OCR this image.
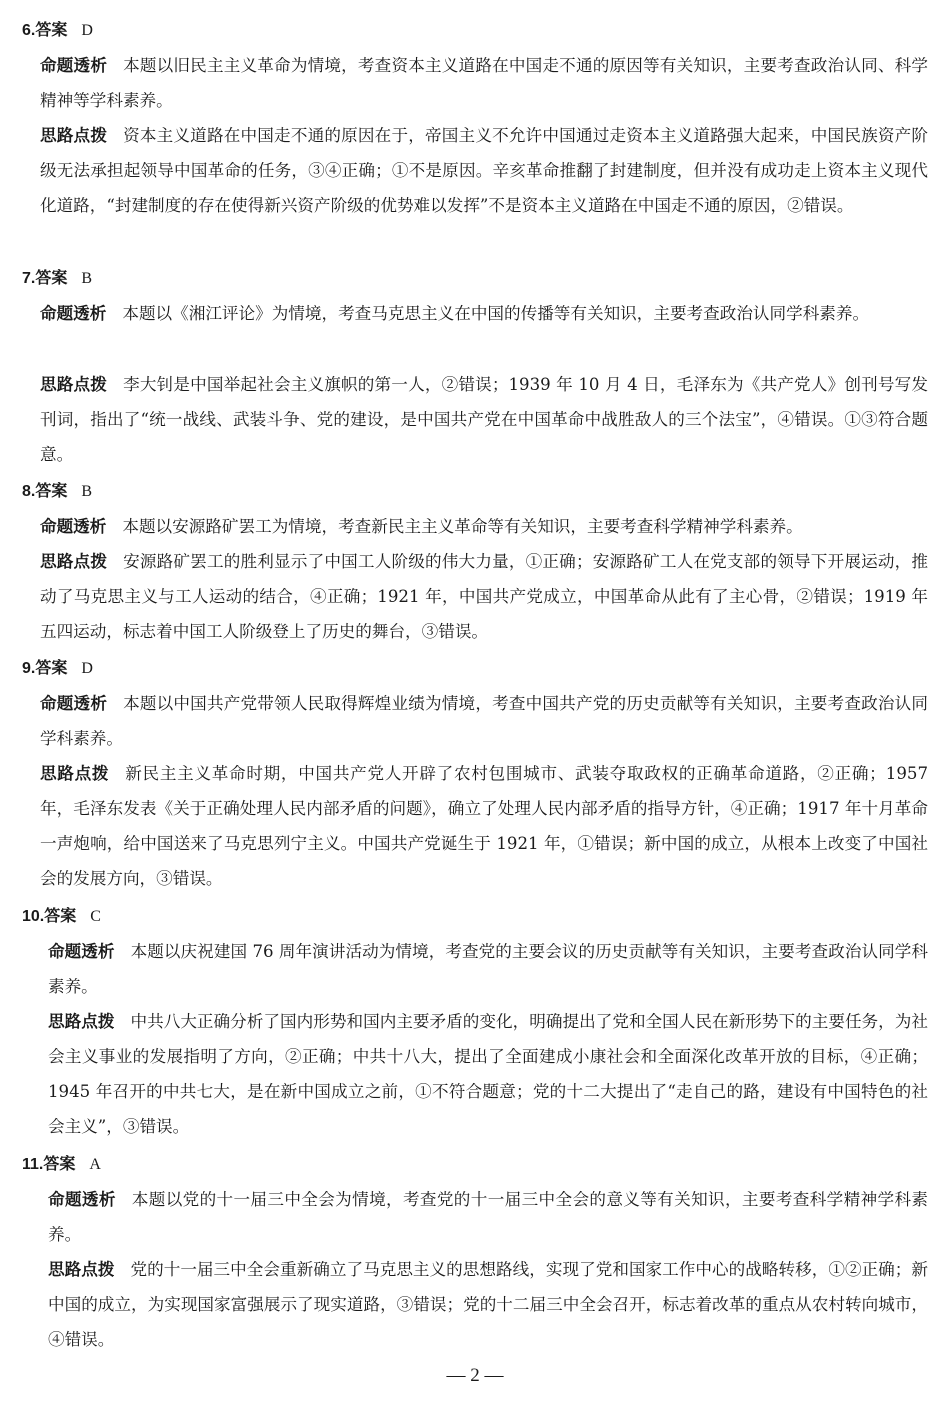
6.答案 D

命题透析 本题以旧民主主义革命为情境，考查资本主义道路在中国走不通的原因等有关知识，主要考查政治认同、科学精神等学科素养。

思路点拨 资本主义道路在中国走不通的原因在于，帝国主义不允许中国通过走资本主义道路强大起来，中国民族资产阶级无法承担起领导中国革命的任务，③④正确；①不是原因。辛亥革命推翻了封建制度，但并没有成功走上资本主义现代化道路，“封建制度的存在使得新兴资产阶级的优势难以发挥”不是资本主义道路在中国走不通的原因，②错误。

7.答案 B

命题透析 本题以《湘江评论》为情境，考查马克思主义在中国的传播等有关知识，主要考查政治认同学科素养。

思路点拨 李大钊是中国举起社会主义旗帜的第一人，②错误；1939 年 10 月 4 日，毛泽东为《共产党人》创刊号写发刊词，指出了“统一战线、武装斗争、党的建设，是中国共产党在中国革命中战胜敌人的三个法宝”，④错误。①③符合题意。

8.答案 B

命题透析 本题以安源路矿罢工为情境，考查新民主主义革命等有关知识，主要考查科学精神学科素养。

思路点拨 安源路矿罢工的胜利显示了中国工人阶级的伟大力量，①正确；安源路矿工人在党支部的领导下开展运动，推动了马克思主义与工人运动的结合，④正确；1921 年，中国共产党成立，中国革命从此有了主心骨，②错误；1919 年五四运动，标志着中国工人阶级登上了历史的舞台，③错误。

9.答案 D

命题透析 本题以中国共产党带领人民取得辉煌业绩为情境，考查中国共产党的历史贡献等有关知识，主要考查政治认同学科素养。

思路点拨 新民主主义革命时期，中国共产党人开辟了农村包围城市、武装夺取政权的正确革命道路，②正确；1957 年，毛泽东发表《关于正确处理人民内部矛盾的问题》，确立了处理人民内部矛盾的指导方针，④正确；1917 年十月革命一声炮响，给中国送来了马克思列宁主义。中国共产党诞生于 1921 年，①错误；新中国的成立，从根本上改变了中国社会的发展方向，③错误。

10.答案 C

命题透析 本题以庆祝建国 76 周年演讲活动为情境，考查党的主要会议的历史贡献等有关知识，主要考查政治认同学科素养。

思路点拨 中共八大正确分析了国内形势和国内主要矛盾的变化，明确提出了党和全国人民在新形势下的主要任务，为社会主义事业的发展指明了方向，②正确；中共十八大，提出了全面建成小康社会和全面深化改革开放的目标，④正确；1945 年召开的中共七大，是在新中国成立之前，①不符合题意；党的十二大提出了“走自己的路，建设有中国特色的社会主义”，③错误。

11.答案 A

命题透析 本题以党的十一届三中全会为情境，考查党的十一届三中全会的意义等有关知识，主要考查科学精神学科素养。

思路点拨 党的十一届三中全会重新确立了马克思主义的思想路线，实现了党和国家工作中心的战略转移，①②正确；新中国的成立，为实现国家富强展示了现实道路，③错误；党的十二届三中全会召开，标志着改革的重点从农村转向城市，④错误。

— 2 —
